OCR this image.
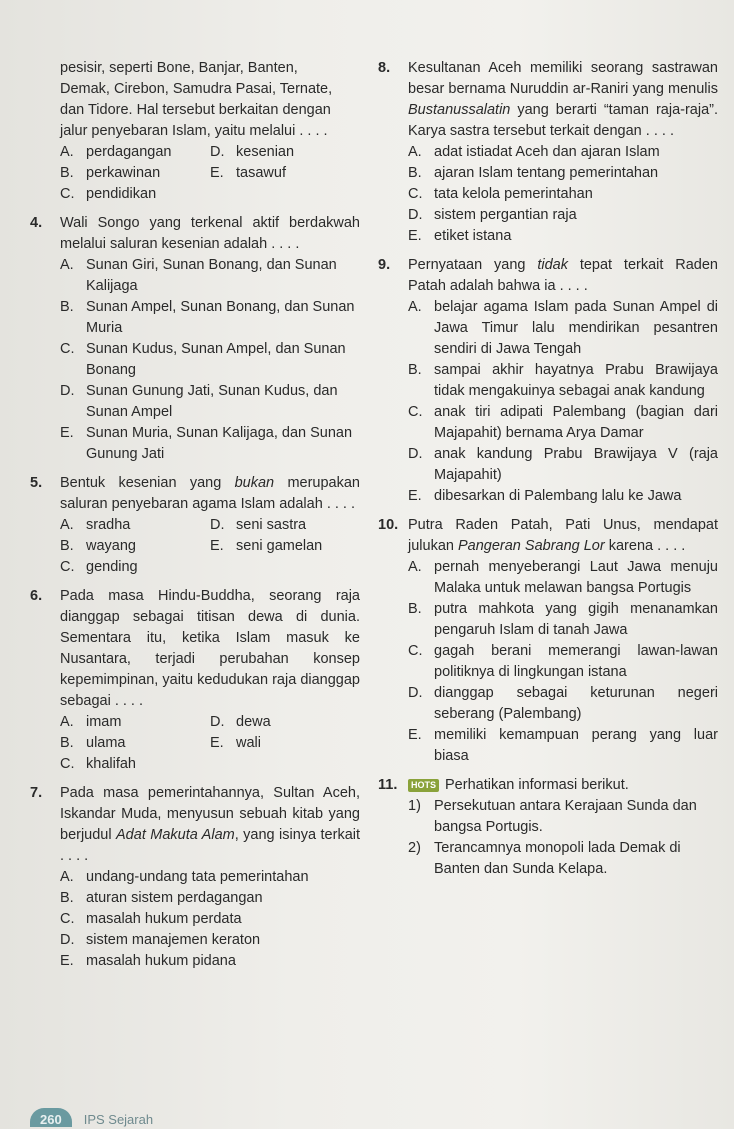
pesisir, seperti Bone, Banjar, Banten,
Demak, Cirebon, Samudra Pasai, Ternate,
dan Tidore. Hal tersebut berkaitan dengan
jalur penyebaran Islam, yaitu melalui . . . .
A. perdagangan	D. kesenian
B. perkawinan	E. tasawuf
C. pendidikan
4.	Wali Songo yang terkenal aktif berdakwah melalui saluran kesenian adalah . . . .
A. Sunan Giri, Sunan Bonang, dan Sunan Kalijaga
B. Sunan Ampel, Sunan Bonang, dan Sunan Muria
C. Sunan Kudus, Sunan Ampel, dan Sunan Bonang
D. Sunan Gunung Jati, Sunan Kudus, dan Sunan Ampel
E. Sunan Muria, Sunan Kalijaga, dan Sunan Gunung Jati
5.	Bentuk kesenian yang bukan merupakan saluran penyebaran agama Islam adalah . . . .
A. sradha	D. seni sastra
B. wayang	E. seni gamelan
C. gending
6.	Pada masa Hindu-Buddha, seorang raja dianggap sebagai titisan dewa di dunia. Sementara itu, ketika Islam masuk ke Nusantara, terjadi perubahan konsep kepemimpinan, yaitu kedudukan raja dianggap sebagai . . . .
A. imam	D. dewa
B. ulama	E. wali
C. khalifah
7.	Pada masa pemerintahannya, Sultan Aceh, Iskandar Muda, menyusun sebuah kitab yang berjudul Adat Makuta Alam, yang isinya terkait . . . .
A. undang-undang tata pemerintahan
B. aturan sistem perdagangan
C. masalah hukum perdata
D. sistem manajemen keraton
E. masalah hukum pidana
8.	Kesultanan Aceh memiliki seorang sastrawan besar bernama Nuruddin ar-Raniri yang menulis Bustanussalatin yang berarti “taman raja-raja”. Karya sastra tersebut terkait dengan . . . .
A. adat istiadat Aceh dan ajaran Islam
B. ajaran Islam tentang pemerintahan
C. tata kelola pemerintahan
D. sistem pergantian raja
E. etiket istana
9.	Pernyataan yang tidak tepat terkait Raden Patah adalah bahwa ia . . . .
A. belajar agama Islam pada Sunan Ampel di Jawa Timur lalu mendirikan pesantren sendiri di Jawa Tengah
B. sampai akhir hayatnya Prabu Brawijaya tidak mengakuinya sebagai anak kandung
C. anak tiri adipati Palembang (bagian dari Majapahit) bernama Arya Damar
D. anak kandung Prabu Brawijaya V (raja Majapahit)
E. dibesarkan di Palembang lalu ke Jawa
10. Putra Raden Patah, Pati Unus, mendapat julukan Pangeran Sabrang Lor karena . . . .
A. pernah menyeberangi Laut Jawa menuju Malaka untuk melawan bangsa Portugis
B. putra mahkota yang gigih menanamkan pengaruh Islam di tanah Jawa
C. gagah berani memerangi lawan-lawan politiknya di lingkungan istana
D. dianggap sebagai keturunan negeri seberang (Palembang)
E. memiliki kemampuan perang yang luar biasa
11.	HOTS Perhatikan informasi berikut.
1) Persekutuan antara Kerajaan Sunda dan bangsa Portugis.
2) Terancamnya monopoli lada Demak di Banten dan Sunda Kelapa.
260 IPS Sejarah
